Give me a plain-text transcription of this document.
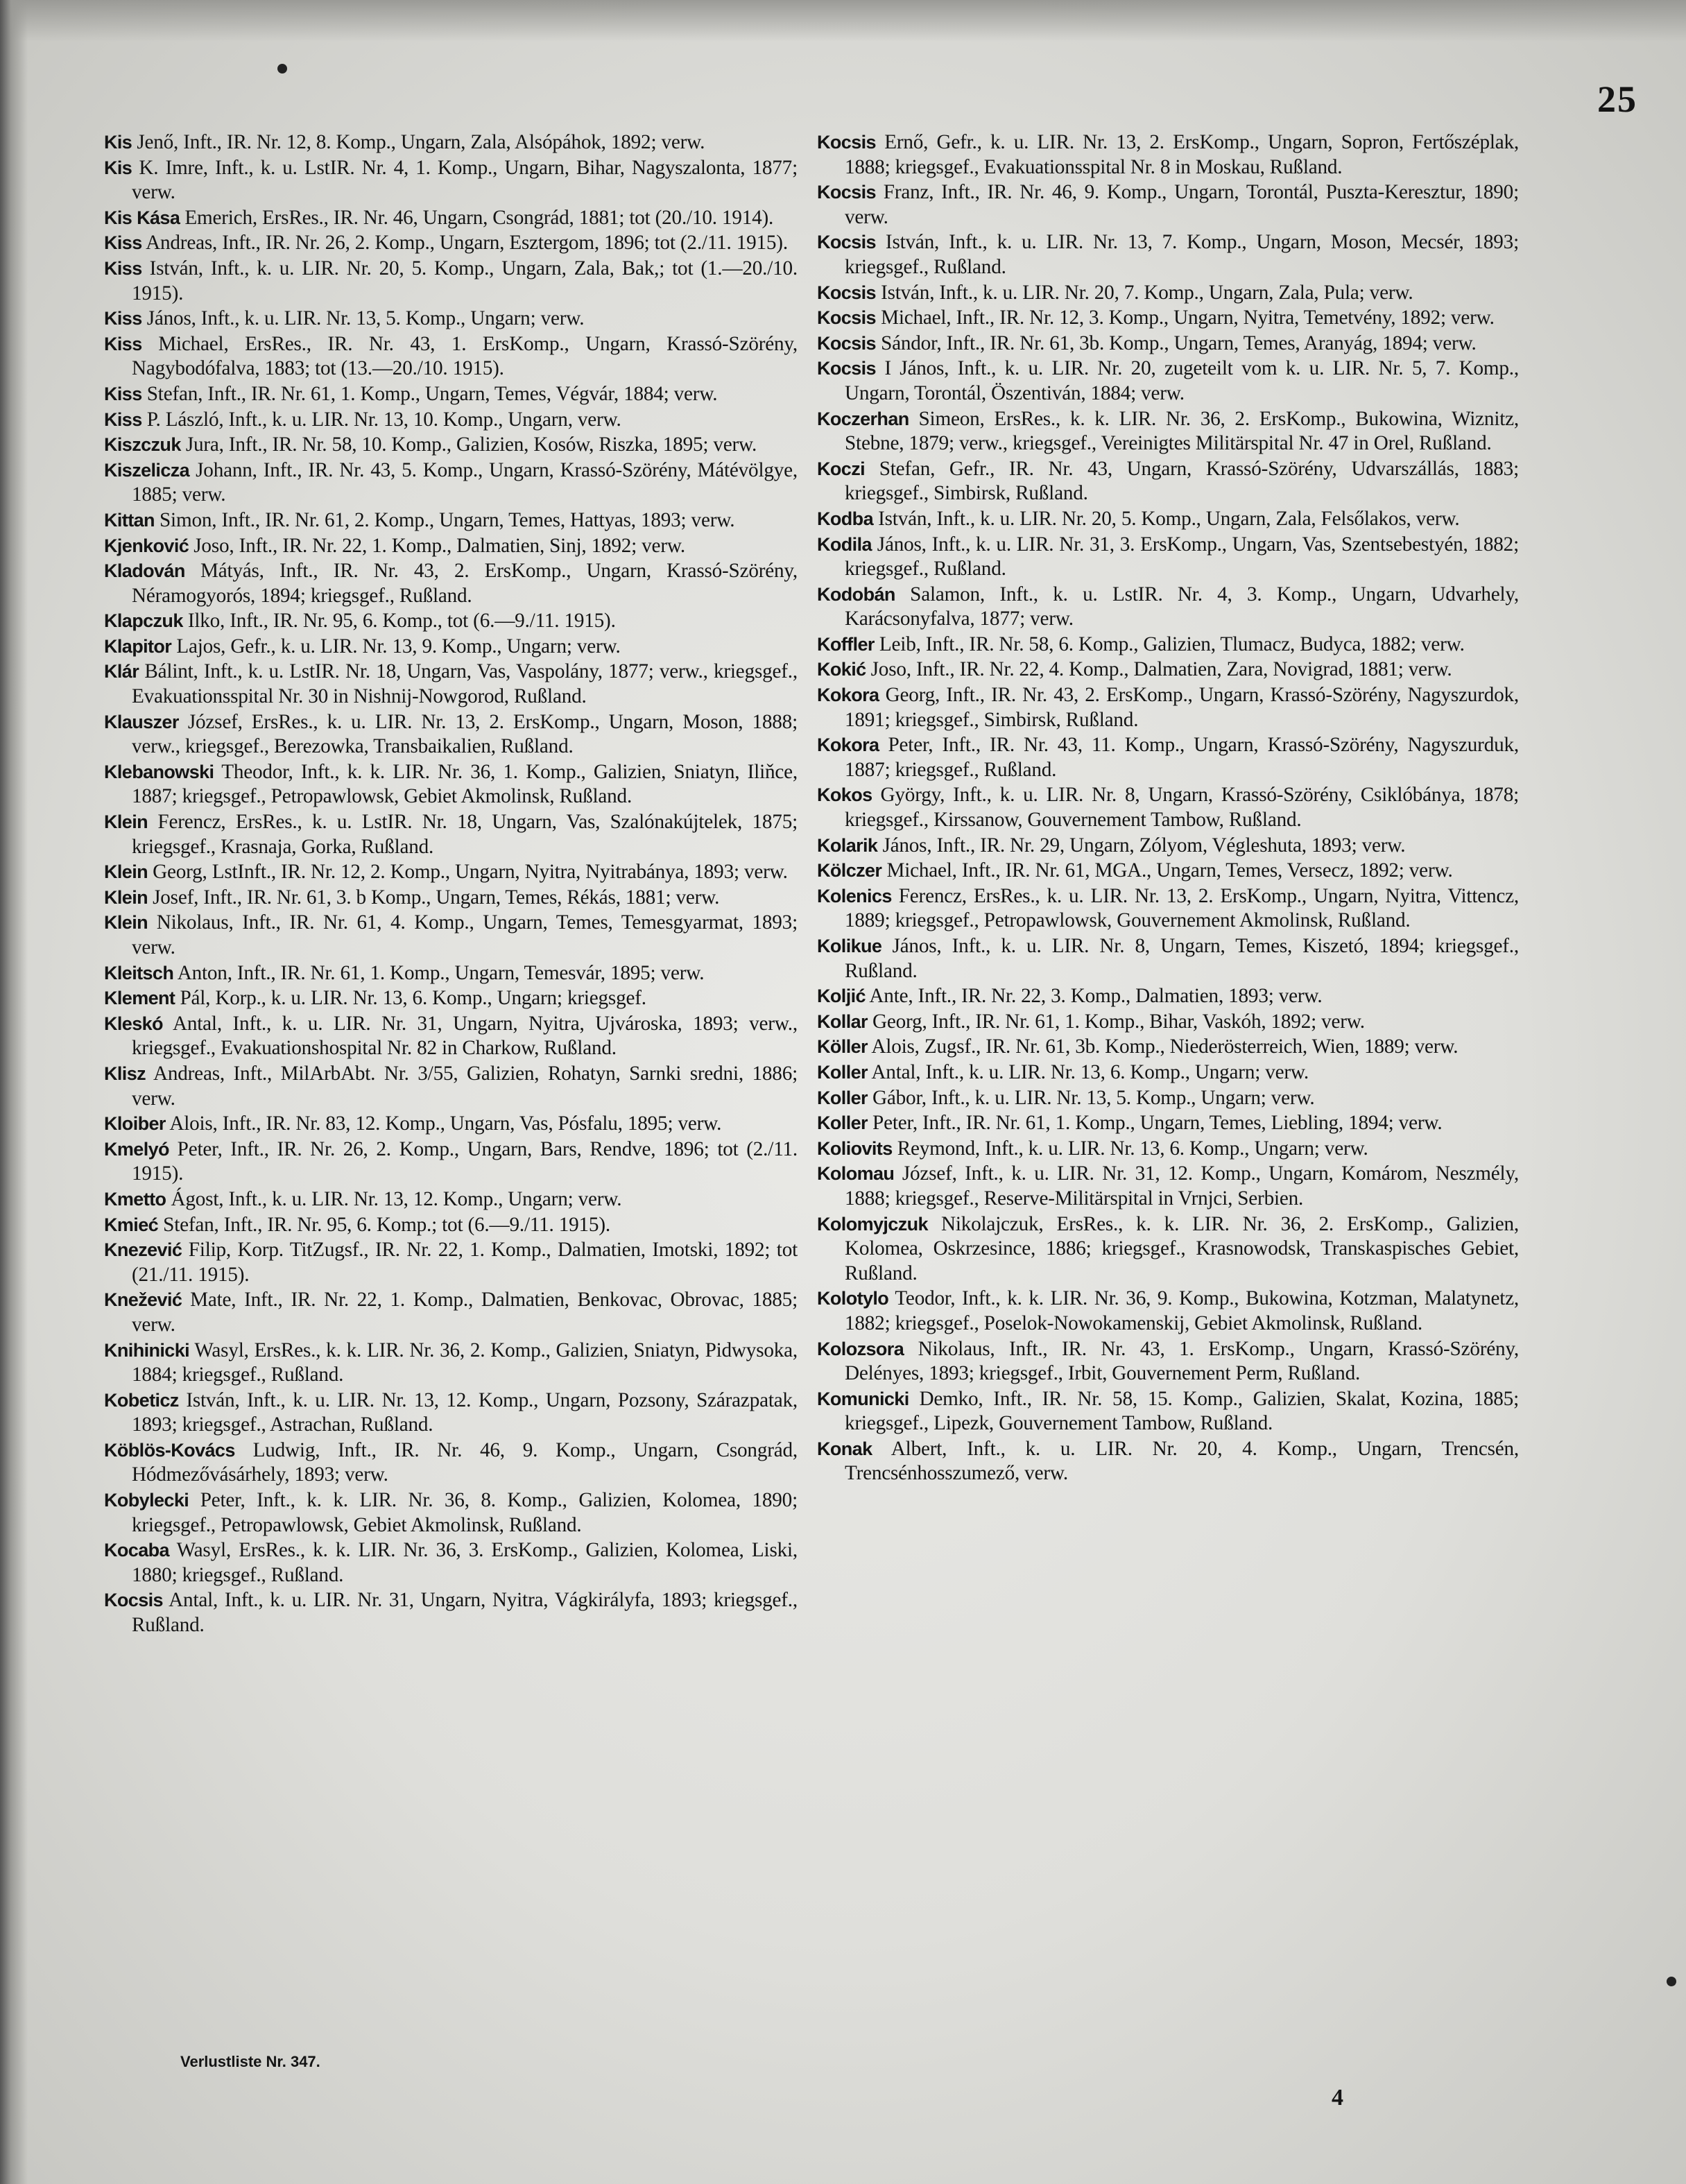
25

Kis Jenő, Inft., IR. Nr. 12, 8. Komp., Ungarn, Zala, Alsópáhok, 1892; verw.

Kis K. Imre, Inft., k. u. LstIR. Nr. 4, 1. Komp., Ungarn, Bihar, Nagyszalonta, 1877; verw.

Kis Kása Emerich, ErsRes., IR. Nr. 46, Ungarn, Csongrád, 1881; tot (20./10. 1914).

Kiss Andreas, Inft., IR. Nr. 26, 2. Komp., Ungarn, Esztergom, 1896; tot (2./11. 1915).

Kiss István, Inft., k. u. LIR. Nr. 20, 5. Komp., Ungarn, Zala, Bak,; tot (1.—20./10. 1915).

Kiss János, Inft., k. u. LIR. Nr. 13, 5. Komp., Ungarn; verw.

Kiss Michael, ErsRes., IR. Nr. 43, 1. ErsKomp., Ungarn, Krassó-Szörény, Nagybodófalva, 1883; tot (13.—20./10. 1915).

Kiss Stefan, Inft., IR. Nr. 61, 1. Komp., Ungarn, Temes, Végvár, 1884; verw.

Kiss P. László, Inft., k. u. LIR. Nr. 13, 10. Komp., Ungarn, verw.

Kiszczuk Jura, Inft., IR. Nr. 58, 10. Komp., Galizien, Kosów, Riszka, 1895; verw.

Kiszelicza Johann, Inft., IR. Nr. 43, 5. Komp., Ungarn, Krassó-Szörény, Mátévölgye, 1885; verw.

Kittan Simon, Inft., IR. Nr. 61, 2. Komp., Ungarn, Temes, Hattyas, 1893; verw.

Kjenković Joso, Inft., IR. Nr. 22, 1. Komp., Dalmatien, Sinj, 1892; verw.

Kladován Mátyás, Inft., IR. Nr. 43, 2. ErsKomp., Ungarn, Krassó-Szörény, Néramogyorós, 1894; kriegsgef., Rußland.

Klapczuk Ilko, Inft., IR. Nr. 95, 6. Komp., tot (6.—9./11. 1915).

Klapitor Lajos, Gefr., k. u. LIR. Nr. 13, 9. Komp., Ungarn; verw.

Klár Bálint, Inft., k. u. LstIR. Nr. 18, Ungarn, Vas, Vaspolány, 1877; verw., kriegsgef., Evakuationsspital Nr. 30 in Nishnij-Nowgorod, Rußland.

Klauszer József, ErsRes., k. u. LIR. Nr. 13, 2. ErsKomp., Ungarn, Moson, 1888; verw., kriegsgef., Berezowka, Transbaikalien, Rußland.

Klebanowski Theodor, Inft., k. k. LIR. Nr. 36, 1. Komp., Galizien, Sniatyn, Iliňce, 1887; kriegsgef., Petropawlowsk, Gebiet Akmolinsk, Rußland.

Klein Ferencz, ErsRes., k. u. LstIR. Nr. 18, Ungarn, Vas, Szalónakújtelek, 1875; kriegsgef., Krasnaja, Gorka, Rußland.

Klein Georg, LstInft., IR. Nr. 12, 2. Komp., Ungarn, Nyitra, Nyitrabánya, 1893; verw.

Klein Josef, Inft., IR. Nr. 61, 3. b Komp., Ungarn, Temes, Rékás, 1881; verw.

Klein Nikolaus, Inft., IR. Nr. 61, 4. Komp., Ungarn, Temes, Temesgyarmat, 1893; verw.

Kleitsch Anton, Inft., IR. Nr. 61, 1. Komp., Ungarn, Temesvár, 1895; verw.

Klement Pál, Korp., k. u. LIR. Nr. 13, 6. Komp., Ungarn; kriegsgef.

Kleskó Antal, Inft., k. u. LIR. Nr. 31, Ungarn, Nyitra, Ujvároska, 1893; verw., kriegsgef., Evakuationshospital Nr. 82 in Charkow, Rußland.

Klisz Andreas, Inft., MilArbAbt. Nr. 3/55, Galizien, Rohatyn, Sarnki sredni, 1886; verw.

Kloiber Alois, Inft., IR. Nr. 83, 12. Komp., Ungarn, Vas, Pósfalu, 1895; verw.

Kmelyó Peter, Inft., IR. Nr. 26, 2. Komp., Ungarn, Bars, Rendve, 1896; tot (2./11. 1915).

Kmetto Ágost, Inft., k. u. LIR. Nr. 13, 12. Komp., Ungarn; verw.

Kmieć Stefan, Inft., IR. Nr. 95, 6. Komp.; tot (6.—9./11. 1915).

Knezević Filip, Korp. TitZugsf., IR. Nr. 22, 1. Komp., Dalmatien, Imotski, 1892; tot (21./11. 1915).

Knežević Mate, Inft., IR. Nr. 22, 1. Komp., Dalmatien, Benkovac, Obrovac, 1885; verw.

Knihinicki Wasyl, ErsRes., k. k. LIR. Nr. 36, 2. Komp., Galizien, Sniatyn, Pidwysoka, 1884; kriegsgef., Rußland.

Kobeticz István, Inft., k. u. LIR. Nr. 13, 12. Komp., Ungarn, Pozsony, Szárazpatak, 1893; kriegsgef., Astrachan, Rußland.

Köblös-Kovács Ludwig, Inft., IR. Nr. 46, 9. Komp., Ungarn, Csongrád, Hódmezővásárhely, 1893; verw.

Kobylecki Peter, Inft., k. k. LIR. Nr. 36, 8. Komp., Galizien, Kolomea, 1890; kriegsgef., Petropawlowsk, Gebiet Akmolinsk, Rußland.

Kocaba Wasyl, ErsRes., k. k. LIR. Nr. 36, 3. ErsKomp., Galizien, Kolomea, Liski, 1880; kriegsgef., Rußland.

Kocsis Antal, Inft., k. u. LIR. Nr. 31, Ungarn, Nyitra, Vágkirályfa, 1893; kriegsgef., Rußland.

Kocsis Ernő, Gefr., k. u. LIR. Nr. 13, 2. ErsKomp., Ungarn, Sopron, Fertőszéplak, 1888; kriegsgef., Evakuationsspital Nr. 8 in Moskau, Rußland.

Kocsis Franz, Inft., IR. Nr. 46, 9. Komp., Ungarn, Torontál, Puszta-Keresztur, 1890; verw.

Kocsis István, Inft., k. u. LIR. Nr. 13, 7. Komp., Ungarn, Moson, Mecsér, 1893; kriegsgef., Rußland.

Kocsis István, Inft., k. u. LIR. Nr. 20, 7. Komp., Ungarn, Zala, Pula; verw.

Kocsis Michael, Inft., IR. Nr. 12, 3. Komp., Ungarn, Nyitra, Temetvény, 1892; verw.

Kocsis Sándor, Inft., IR. Nr. 61, 3b. Komp., Ungarn, Temes, Aranyág, 1894; verw.

Kocsis I János, Inft., k. u. LIR. Nr. 20, zugeteilt vom k. u. LIR. Nr. 5, 7. Komp., Ungarn, Torontál, Öszentiván, 1884; verw.

Koczerhan Simeon, ErsRes., k. k. LIR. Nr. 36, 2. ErsKomp., Bukowina, Wiznitz, Stebne, 1879; verw., kriegsgef., Vereinigtes Militärspital Nr. 47 in Orel, Rußland.

Koczi Stefan, Gefr., IR. Nr. 43, Ungarn, Krassó-Szörény, Udvarszállás, 1883; kriegsgef., Simbirsk, Rußland.

Kodba István, Inft., k. u. LIR. Nr. 20, 5. Komp., Ungarn, Zala, Felsőlakos, verw.

Kodila János, Inft., k. u. LIR. Nr. 31, 3. ErsKomp., Ungarn, Vas, Szentsebestyén, 1882; kriegsgef., Rußland.

Kodobán Salamon, Inft., k. u. LstIR. Nr. 4, 3. Komp., Ungarn, Udvarhely, Karácsonyfalva, 1877; verw.

Koffler Leib, Inft., IR. Nr. 58, 6. Komp., Galizien, Tlumacz, Budyca, 1882; verw.

Kokić Joso, Inft., IR. Nr. 22, 4. Komp., Dalmatien, Zara, Novigrad, 1881; verw.

Kokora Georg, Inft., IR. Nr. 43, 2. ErsKomp., Ungarn, Krassó-Szörény, Nagyszurdok, 1891; kriegsgef., Simbirsk, Rußland.

Kokora Peter, Inft., IR. Nr. 43, 11. Komp., Ungarn, Krassó-Szörény, Nagyszurduk, 1887; kriegsgef., Rußland.

Kokos György, Inft., k. u. LIR. Nr. 8, Ungarn, Krassó-Szörény, Csiklóbánya, 1878; kriegsgef., Kirssanow, Gouvernement Tambow, Rußland.

Kolarik János, Inft., IR. Nr. 29, Ungarn, Zólyom, Végleshuta, 1893; verw.

Kölczer Michael, Inft., IR. Nr. 61, MGA., Ungarn, Temes, Versecz, 1892; verw.

Kolenics Ferencz, ErsRes., k. u. LIR. Nr. 13, 2. ErsKomp., Ungarn, Nyitra, Vittencz, 1889; kriegsgef., Petropawlowsk, Gouvernement Akmolinsk, Rußland.

Kolikue János, Inft., k. u. LIR. Nr. 8, Ungarn, Temes, Kiszetó, 1894; kriegsgef., Rußland.

Koljić Ante, Inft., IR. Nr. 22, 3. Komp., Dalmatien, 1893; verw.

Kollar Georg, Inft., IR. Nr. 61, 1. Komp., Bihar, Vaskóh, 1892; verw.

Köller Alois, Zugsf., IR. Nr. 61, 3b. Komp., Niederösterreich, Wien, 1889; verw.

Koller Antal, Inft., k. u. LIR. Nr. 13, 6. Komp., Ungarn; verw.

Koller Gábor, Inft., k. u. LIR. Nr. 13, 5. Komp., Ungarn; verw.

Koller Peter, Inft., IR. Nr. 61, 1. Komp., Ungarn, Temes, Liebling, 1894; verw.

Koliovits Reymond, Inft., k. u. LIR. Nr. 13, 6. Komp., Ungarn; verw.

Kolomau József, Inft., k. u. LIR. Nr. 31, 12. Komp., Ungarn, Komárom, Neszmély, 1888; kriegsgef., Reserve-Militärspital in Vrnjci, Serbien.

Kolomyjczuk Nikolajczuk, ErsRes., k. k. LIR. Nr. 36, 2. ErsKomp., Galizien, Kolomea, Oskrzesince, 1886; kriegsgef., Krasnowodsk, Transkaspisches Gebiet, Rußland.

Kolotylo Teodor, Inft., k. k. LIR. Nr. 36, 9. Komp., Bukowina, Kotzman, Malatynetz, 1882; kriegsgef., Poselok-Nowokamenskij, Gebiet Akmolinsk, Rußland.

Kolozsora Nikolaus, Inft., IR. Nr. 43, 1. ErsKomp., Ungarn, Krassó-Szörény, Delényes, 1893; kriegsgef., Irbit, Gouvernement Perm, Rußland.

Komunicki Demko, Inft., IR. Nr. 58, 15. Komp., Galizien, Skalat, Kozina, 1885; kriegsgef., Lipezk, Gouvernement Tambow, Rußland.

Konak Albert, Inft., k. u. LIR. Nr. 20, 4. Komp., Ungarn, Trencsén, Trencsénhosszumező, verw.

Verlustliste Nr. 347.
4
